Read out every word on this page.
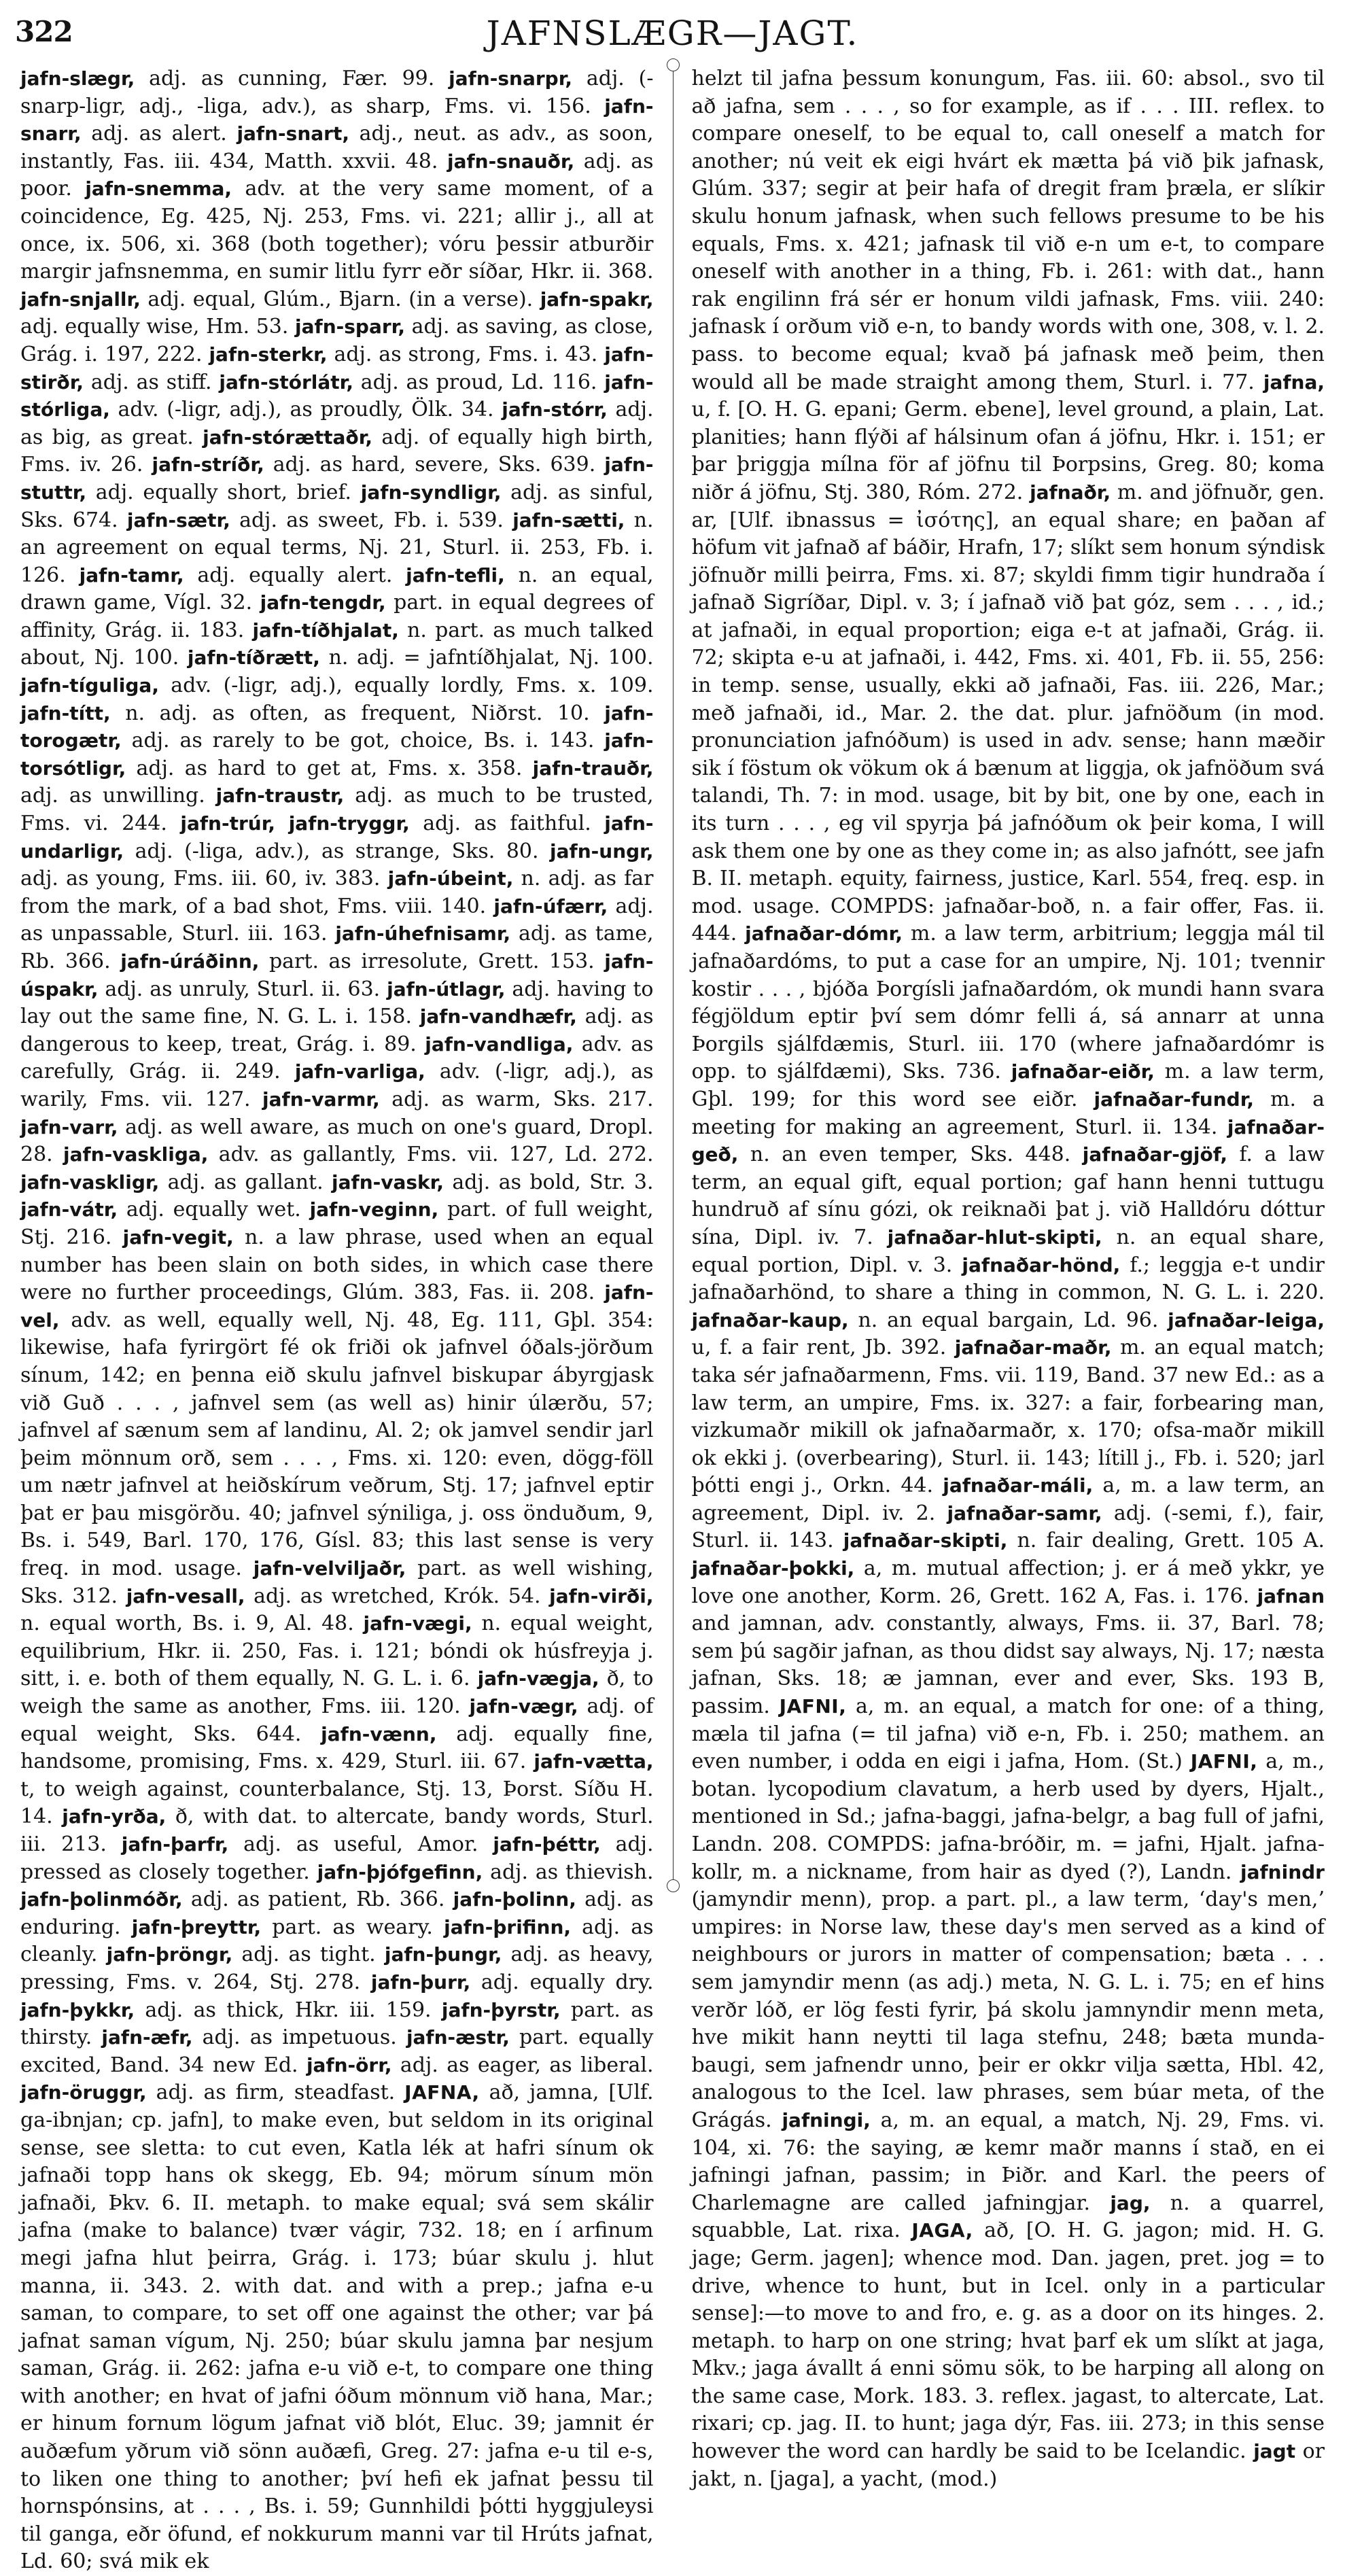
322	JAFNSLÆGR—JAGT.

jafn-slægr, adj. as cunning, Fær. 99. jafn-snarpr, adj. (-snarp-ligr, adj., -liga, adv.), as sharp, Fms. vi. 156. jafn-snarr, adj. as alert. jafn-snart, adj., neut. as adv., as soon, instantly, Fas. iii. 434, Matth. xxvii. 48. jafn-snauðr, adj. as poor. jafn-snemma, adv. at the very same moment, of a coincidence, Eg. 425, Nj. 253, Fms. vi. 221; allir j., all at once, ix. 506, xi. 368 (both together); vóru þessir atburðir margir jafnsnemma, en sumir litlu fyrr eðr síðar, Hkr. ii. 368. jafn-snjallr, adj. equal, Glúm., Bjarn. (in a verse). jafn-spakr, adj. equally wise, Hm. 53. jafn-sparr, adj. as saving, as close, Grág. i. 197, 222. jafn-sterkr, adj. as strong, Fms. i. 43. jafn-stirðr, adj. as stiff. jafn-stórlátr, adj. as proud, Ld. 116. jafn-stórliga, adv. (-ligr, adj.), as proudly, Ölk. 34. jafn-stórr, adj. as big, as great. jafn-stórættaðr, adj. of equally high birth, Fms. iv. 26. jafn-stríðr, adj. as hard, severe, Sks. 639. jafn-stuttr, adj. equally short, brief. jafn-syndligr, adj. as sinful, Sks. 674. jafn-sætr, adj. as sweet, Fb. i. 539. jafn-sætti, n. an agreement on equal terms, Nj. 21, Sturl. ii. 253, Fb. i. 126. jafn-tamr, adj. equally alert. jafn-tefli, n. an equal, drawn game, Vígl. 32. jafn-tengdr, part. in equal degrees of affinity, Grág. ii. 183. jafn-tíðhjalat, n. part. as much talked about, Nj. 100. jafn-tíðrætt, n. adj. = jafntíðhjalat, Nj. 100. jafn-tíguliga, adv. (-ligr, adj.), equally lordly, Fms. x. 109. jafn-títt, n. adj. as often, as frequent, Niðrst. 10. jafn-torogætr, adj. as rarely to be got, choice, Bs. i. 143. jafn-torsótligr, adj. as hard to get at, Fms. x. 358. jafn-trauðr, adj. as unwilling. jafn-traustr, adj. as much to be trusted, Fms. vi. 244. jafn-trúr, jafn-tryggr, adj. as faithful. jafn-undarligr, adj. (-liga, adv.), as strange, Sks. 80. jafn-ungr, adj. as young, Fms. iii. 60, iv. 383. jafn-úbeint, n. adj. as far from the mark, of a bad shot, Fms. viii. 140. jafn-úfærr, adj. as unpassable, Sturl. iii. 163. jafn-úhefnisamr, adj. as tame, Rb. 366. jafn-úráðinn, part. as irresolute, Grett. 153. jafn-úspakr, adj. as unruly, Sturl. ii. 63. jafn-útlagr, adj. having to lay out the same fine, N. G. L. i. 158. jafn-vandhæfr, adj. as dangerous to keep, treat, Grág. i. 89. jafn-vandliga, adv. as carefully, Grág. ii. 249. jafn-varliga, adv. (-ligr, adj.), as warily, Fms. vii. 127. jafn-varmr, adj. as warm, Sks. 217. jafn-varr, adj. as well aware, as much on one's guard, Dropl. 28. jafn-vaskliga, adv. as gallantly, Fms. vii. 127, Ld. 272. jafn-vaskligr, adj. as gallant. jafn-vaskr, adj. as bold, Str. 3. jafn-vátr, adj. equally wet. jafn-veginn, part. of full weight, Stj. 216. jafn-vegit, n. a law phrase, used when an equal number has been slain on both sides, in which case there were no further proceedings, Glúm. 383, Fas. ii. 208. jafn-vel, adv. as well, equally well, Nj. 48, Eg. 111, Gþl. 354: likewise, hafa fyrirgört fé ok friði ok jafnvel óðals-jörðum sínum, 142; en þenna eið skulu jafnvel biskupar ábyrgjask við Guð . . . , jafnvel sem (as well as) hinir úlærðu, 57; jafnvel af sænum sem af landinu, Al. 2; ok jamvel sendir jarl þeim mönnum orð, sem . . . , Fms. xi. 120: even, dögg-föll um nætr jafnvel at heiðskírum veðrum, Stj. 17; jafnvel eptir þat er þau misgörðu. 40; jafnvel sýniliga, j. oss önduðum, 9, Bs. i. 549, Barl. 170, 176, Gísl. 83; this last sense is very freq. in mod. usage. jafn-velviljaðr, part. as well wishing, Sks. 312. jafn-vesall, adj. as wretched, Krók. 54. jafn-virði, n. equal worth, Bs. i. 9, Al. 48. jafn-vægi, n. equal weight, equilibrium, Hkr. ii. 250, Fas. i. 121; bóndi ok húsfreyja j. sitt, i. e. both of them equally, N. G. L. i. 6. jafn-vægja, ð, to weigh the same as another, Fms. iii. 120. jafn-vægr, adj. of equal weight, Sks. 644. jafn-vænn, adj. equally fine, handsome, promising, Fms. x. 429, Sturl. iii. 67. jafn-vætta, t, to weigh against, counterbalance, Stj. 13, Þorst. Síðu H. 14. jafn-yrða, ð, with dat. to altercate, bandy words, Sturl. iii. 213. jafn-þarfr, adj. as useful, Amor. jafn-þéttr, adj. pressed as closely together. jafn-þjófgefinn, adj. as thievish. jafn-þolinmóðr, adj. as patient, Rb. 366. jafn-þolinn, adj. as enduring. jafn-þreyttr, part. as weary. jafn-þrifinn, adj. as cleanly. jafn-þröngr, adj. as tight. jafn-þungr, adj. as heavy, pressing, Fms. v. 264, Stj. 278. jafn-þurr, adj. equally dry. jafn-þykkr, adj. as thick, Hkr. iii. 159. jafn-þyrstr, part. as thirsty. jafn-æfr, adj. as impetuous. jafn-æstr, part. equally excited, Band. 34 new Ed. jafn-örr, adj. as eager, as liberal. jafn-öruggr, adj. as firm, steadfast. JAFNA, að, jamna, [Ulf. ga-ibnjan; cp. jafn], to make even, but seldom in its original sense, see sletta: to cut even, Katla lék at hafri sínum ok jafnaði topp hans ok skegg, Eb. 94; mörum sínum mön jafnaði, Þkv. 6. II. metaph. to make equal; svá sem skálir jafna (make to balance) tvær vágir, 732. 18; en í arfinum megi jafna hlut þeirra, Grág. i. 173; búar skulu j. hlut manna, ii. 343. 2. with dat. and with a prep.; jafna e-u saman, to compare, to set off one against the other; var þá jafnat saman vígum, Nj. 250; búar skulu jamna þar nesjum saman, Grág. ii. 262: jafna e-u við e-t, to compare one thing with another; en hvat of jafni óðum mönnum við hana, Mar.; er hinum fornum lögum jafnat við blót, Eluc. 39; jamnit ér auðæfum yðrum við sönn auðæfi, Greg. 27: jafna e-u til e-s, to liken one thing to another; því hefi ek jafnat þessu til hornspónsins, at . . . , Bs. i. 59; Gunnhildi þótti hyggjuleysi til ganga, eðr öfund, ef nokkurum manni var til Hrúts jafnat, Ld. 60; svá mik ek

helzt til jafna þessum konungum, Fas. iii. 60: absol., svo til að jafna, sem . . . , so for example, as if . . . III. reflex. to compare oneself, to be equal to, call oneself a match for another; nú veit ek eigi hvárt ek mætta þá við þik jafnask, Glúm. 337; segir at þeir hafa of dregit fram þræla, er slíkir skulu honum jafnask, when such fellows presume to be his equals, Fms. x. 421; jafnask til við e-n um e-t, to compare oneself with another in a thing, Fb. i. 261: with dat., hann rak engilinn frá sér er honum vildi jafnask, Fms. viii. 240: jafnask í orðum við e-n, to bandy words with one, 308, v. l. 2. pass. to become equal; kvað þá jafnask með þeim, then would all be made straight among them, Sturl. i. 77. jafna, u, f. [O. H. G. epani; Germ. ebene], level ground, a plain, Lat. planities; hann flýði af hálsinum ofan á jöfnu, Hkr. i. 151; er þar þriggja mílna för af jöfnu til Þorpsins, Greg. 80; koma niðr á jöfnu, Stj. 380, Róm. 272. jafnaðr, m. and jöfnuðr, gen. ar, [Ulf. ibnassus = ἰσότης], an equal share; en þaðan af höfum vit jafnað af báðir, Hrafn, 17; slíkt sem honum sýndisk jöfnuðr milli þeirra, Fms. xi. 87; skyldi fimm tigir hundraða í jafnað Sigríðar, Dipl. v. 3; í jafnað við þat góz, sem . . . , id.; at jafnaði, in equal proportion; eiga e-t at jafnaði, Grág. ii. 72; skipta e-u at jafnaði, i. 442, Fms. xi. 401, Fb. ii. 55, 256: in temp. sense, usually, ekki að jafnaði, Fas. iii. 226, Mar.; með jafnaði, id., Mar. 2. the dat. plur. jafnöðum (in mod. pronunciation jafnóðum) is used in adv. sense; hann mæðir sik í föstum ok vökum ok á bænum at liggja, ok jafnöðum svá talandi, Th. 7: in mod. usage, bit by bit, one by one, each in its turn . . . , eg vil spyrja þá jafnóðum ok þeir koma, I will ask them one by one as they come in; as also jafnótt, see jafn B. II. metaph. equity, fairness, justice, Karl. 554, freq. esp. in mod. usage. COMPDS: jafnaðar-boð, n. a fair offer, Fas. ii. 444. jafnaðar-dómr, m. a law term, arbitrium; leggja mál til jafnaðardóms, to put a case for an umpire, Nj. 101; tvennir kostir . . . , bjóða Þorgísli jafnaðardóm, ok mundi hann svara fégjöldum eptir því sem dómr felli á, sá annarr at unna Þorgils sjálfdæmis, Sturl. iii. 170 (where jafnaðardómr is opp. to sjálfdæmi), Sks. 736. jafnaðar-eiðr, m. a law term, Gþl. 199; for this word see eiðr. jafnaðar-fundr, m. a meeting for making an agreement, Sturl. ii. 134. jafnaðar-geð, n. an even temper, Sks. 448. jafnaðar-gjöf, f. a law term, an equal gift, equal portion; gaf hann henni tuttugu hundruð af sínu gózi, ok reiknaði þat j. við Halldóru dóttur sína, Dipl. iv. 7. jafnaðar-hlut-skipti, n. an equal share, equal portion, Dipl. v. 3. jafnaðar-hönd, f.; leggja e-t undir jafnaðarhönd, to share a thing in common, N. G. L. i. 220. jafnaðar-kaup, n. an equal bargain, Ld. 96. jafnaðar-leiga, u, f. a fair rent, Jb. 392. jafnaðar-maðr, m. an equal match; taka sér jafnaðarmenn, Fms. vii. 119, Band. 37 new Ed.: as a law term, an umpire, Fms. ix. 327: a fair, forbearing man, vizkumaðr mikill ok jafnaðarmaðr, x. 170; ofsa-maðr mikill ok ekki j. (overbearing), Sturl. ii. 143; lítill j., Fb. i. 520; jarl þótti engi j., Orkn. 44. jafnaðar-máli, a, m. a law term, an agreement, Dipl. iv. 2. jafnaðar-samr, adj. (-semi, f.), fair, Sturl. ii. 143. jafnaðar-skipti, n. fair dealing, Grett. 105 A. jafnaðar-þokki, a, m. mutual affection; j. er á með ykkr, ye love one another, Korm. 26, Grett. 162 A, Fas. i. 176. jafnan and jamnan, adv. constantly, always, Fms. ii. 37, Barl. 78; sem þú sagðir jafnan, as thou didst say always, Nj. 17; næsta jafnan, Sks. 18; æ jamnan, ever and ever, Sks. 193 B, passim. JAFNI, a, m. an equal, a match for one: of a thing, mæla til jafna (= til jafna) við e-n, Fb. i. 250; mathem. an even number, i odda en eigi i jafna, Hom. (St.) JAFNI, a, m., botan. lycopodium clavatum, a herb used by dyers, Hjalt., mentioned in Sd.; jafna-baggi, jafna-belgr, a bag full of jafni, Landn. 208. COMPDS: jafna-bróðir, m. = jafni, Hjalt. jafna-kollr, m. a nickname, from hair as dyed (?), Landn. jafnindr (jamyndir menn), prop. a part. pl., a law term, ‘day's men,’ umpires: in Norse law, these day's men served as a kind of neighbours or jurors in matter of compensation; bæta . . . sem jamyndir menn (as adj.) meta, N. G. L. i. 75; en ef hins verðr lóð, er lög festi fyrir, þá skolu jamnyndir menn meta, hve mikit hann neytti til laga stefnu, 248; bæta munda-baugi, sem jafnendr unno, þeir er okkr vilja sætta, Hbl. 42, analogous to the Icel. law phrases, sem búar meta, of the Grágás. jafningi, a, m. an equal, a match, Nj. 29, Fms. vi. 104, xi. 76: the saying, æ kemr maðr manns í stað, en ei jafningi jafnan, passim; in Þiðr. and Karl. the peers of Charlemagne are called jafningjar. jag, n. a quarrel, squabble, Lat. rixa. JAGA, að, [O. H. G. jagon; mid. H. G. jage; Germ. jagen]; whence mod. Dan. jagen, pret. jog = to drive, whence to hunt, but in Icel. only in a particular sense]:—to move to and fro, e. g. as a door on its hinges. 2. metaph. to harp on one string; hvat þarf ek um slíkt at jaga, Mkv.; jaga ávallt á enni sömu sök, to be harping all along on the same case, Mork. 183. 3. reflex. jagast, to altercate, Lat. rixari; cp. jag. II. to hunt; jaga dýr, Fas. iii. 273; in this sense however the word can hardly be said to be Icelandic. jagt or jakt, n. [jaga], a yacht, (mod.)
